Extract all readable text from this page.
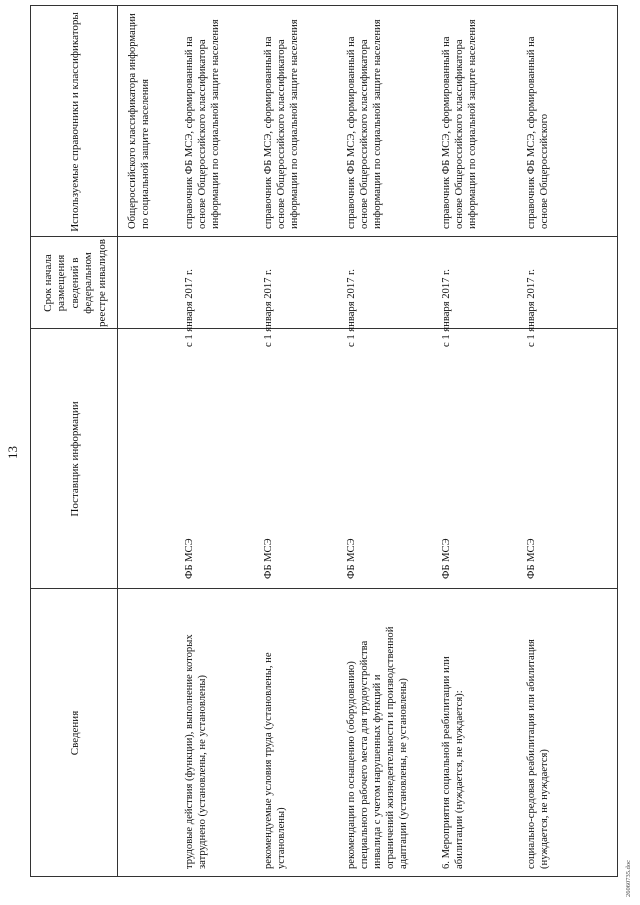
13
Сведения
Поставщик информации
Срок начала размещения сведений в федеральном реестре инвалидов
Используемые справочники и классификаторы	Общероссийского классификатора информации по социальной защите населения
трудовые действия (функции), выполнение которых затруднено (установлены, не установлены)
ФБ МСЭ
с 1 января 2017 г.
справочник ФБ МСЭ, сформированный на основе Общероссийского классификатора информации по социальной защите населения
рекомендуемые условия труда (установлены, не установлены)
ФБ МСЭ
с 1 января 2017 г.
справочник ФБ МСЭ, сформированный на основе Общероссийского классификатора информации по социальной защите населения
рекомендации по оснащению (оборудованию) специального рабочего места для трудоустройства инвалида с учетом нарушенных функций и ограничений жизнедеятельности и производственной адаптации (установлены, не установлены)
ФБ МСЭ
с 1 января 2017 г.
справочник ФБ МСЭ, сформированный на основе Общероссийского классификатора информации по социальной защите населения
6. Мероприятия социальной реабилитации или абилитации (нуждается, не нуждается):
ФБ МСЭ
с 1 января 2017 г.
справочник ФБ МСЭ, сформированный на основе Общероссийского классификатора информации по социальной защите населения
социально-средовая реабилитация или абилитация (нуждается, не нуждается)
ФБ МСЭ
с 1 января 2017 г.
справочник ФБ МСЭ, сформированный на основе Общероссийского
26060735.doc
